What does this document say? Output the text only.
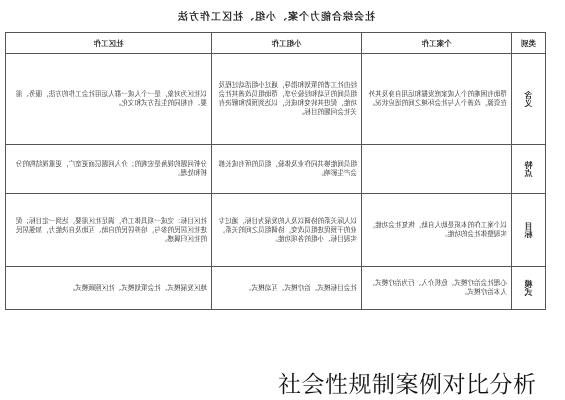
社会综合能力个案、小组、社区工作方法
类别	个案工作	小组工作	社区工作
含义	帮助有困难的个人或家庭发掘和运用自身及其外在资源，改善个人与社会环境之间的适应状况。	经由社工者的策划和指导，通过小组活动过程及组员间的互动和经验分享，帮助组员改善其社会功能，促进其转变和成长，以达到预防和解决有关社会问题的目标。	以社区为对象，是一个人或一群人运用社会工作的方法，服务、需要、有相同的生活方式和文化。
特点		组员间能够共同作业及体验，组员的所有成长都会产生影响。	分析问题的视角是宏观的；介入问题层面更宽广，更重视结构的分析和处理。
目标	以个案工作的本质是助人自助，恢复社会功能，实现整体社会的功能。	以人际关系的协调以及人的发展为目标，通过专业的干预促进组员改变，协调组员之间的关系，实现目标、小组的各项功能。	社区目标：完成一项具体工作，满足社区需要，达到一定目标；促进社区居民的参与，培养居民的自助、互助及自决能力，加强居民的社区归属感。
模式	心理社会治疗模式、危机介入、行为治疗模式、人本治疗模式。	社会目标模式、治疗模式、互动模式。	地区发展模式、社会策划模式、社区照顾模式。
社会性规制案例对比分析
